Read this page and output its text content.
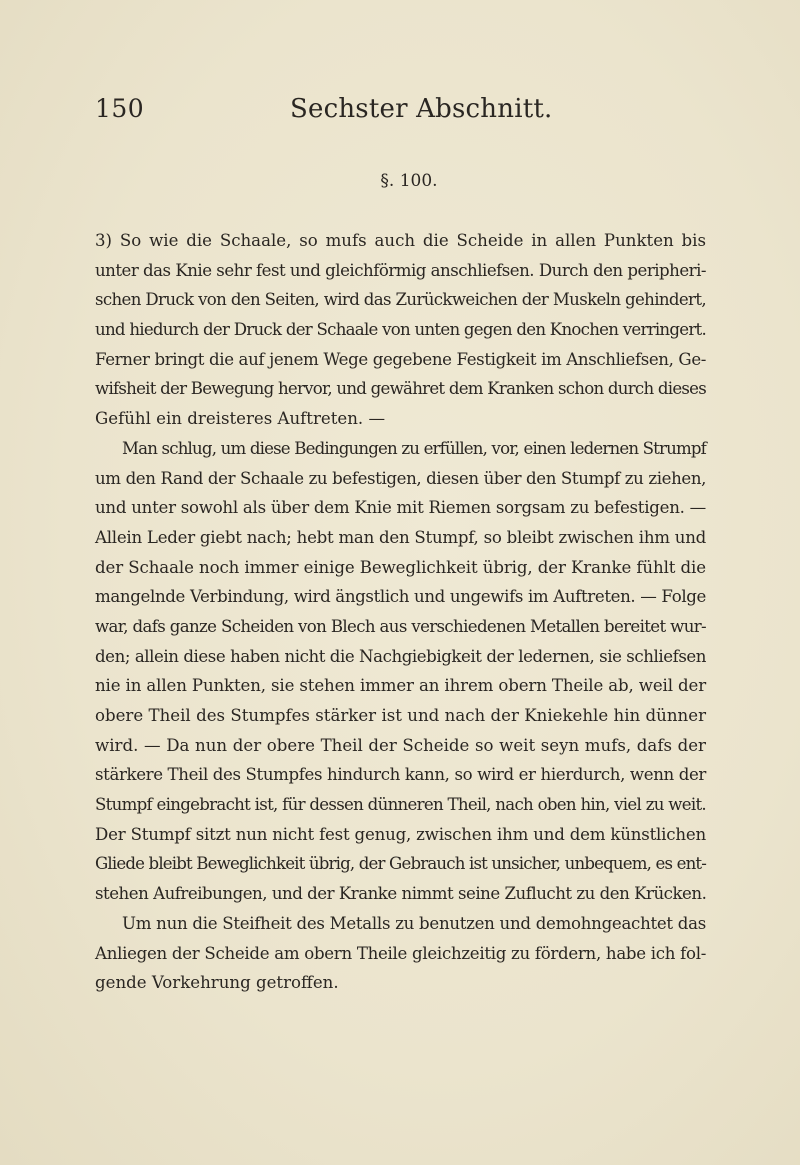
150	Sechster Abschnitt.
§. 100.
3) So wie die Schaale, so mufs auch die Scheide in allen Punkten bis
unter das Knie sehr fest und gleichförmig anschliefsen. Durch den peripheri-
schen Druck von den Seiten, wird das Zurückweichen der Muskeln gehindert,
und hiedurch der Druck der Schaale von unten gegen den Knochen verringert.
Ferner bringt die auf jenem Wege gegebene Festigkeit im Anschliefsen, Ge-
wifsheit der Bewegung hervor, und gewähret dem Kranken schon durch dieses
Gefühl ein dreisteres Auftreten. —
Man schlug, um diese Bedingungen zu erfüllen, vor, einen ledernen Strumpf
um den Rand der Schaale zu befestigen, diesen über den Stumpf zu ziehen,
und unter sowohl als über dem Knie mit Riemen sorgsam zu befestigen. —
Allein Leder giebt nach; hebt man den Stumpf, so bleibt zwischen ihm und
der Schaale noch immer einige Beweglichkeit übrig, der Kranke fühlt die
mangelnde Verbindung, wird ängstlich und ungewifs im Auftreten. — Folge
war, dafs ganze Scheiden von Blech aus verschiedenen Metallen bereitet wur-
den; allein diese haben nicht die Nachgiebigkeit der ledernen, sie schliefsen
nie in allen Punkten, sie stehen immer an ihrem obern Theile ab, weil der
obere Theil des Stumpfes stärker ist und nach der Kniekehle hin dünner
wird. — Da nun der obere Theil der Scheide so weit seyn mufs, dafs der
stärkere Theil des Stumpfes hindurch kann, so wird er hierdurch, wenn der
Stumpf eingebracht ist, für dessen dünneren Theil, nach oben hin, viel zu weit.
Der Stumpf sitzt nun nicht fest genug, zwischen ihm und dem künstlichen
Gliede bleibt Beweglichkeit übrig, der Gebrauch ist unsicher, unbequem, es ent-
stehen Aufreibungen, und der Kranke nimmt seine Zuflucht zu den Krücken.
Um nun die Steifheit des Metalls zu benutzen und demohngeachtet das
Anliegen der Scheide am obern Theile gleichzeitig zu fördern, habe ich fol-
gende Vorkehrung getroffen.
